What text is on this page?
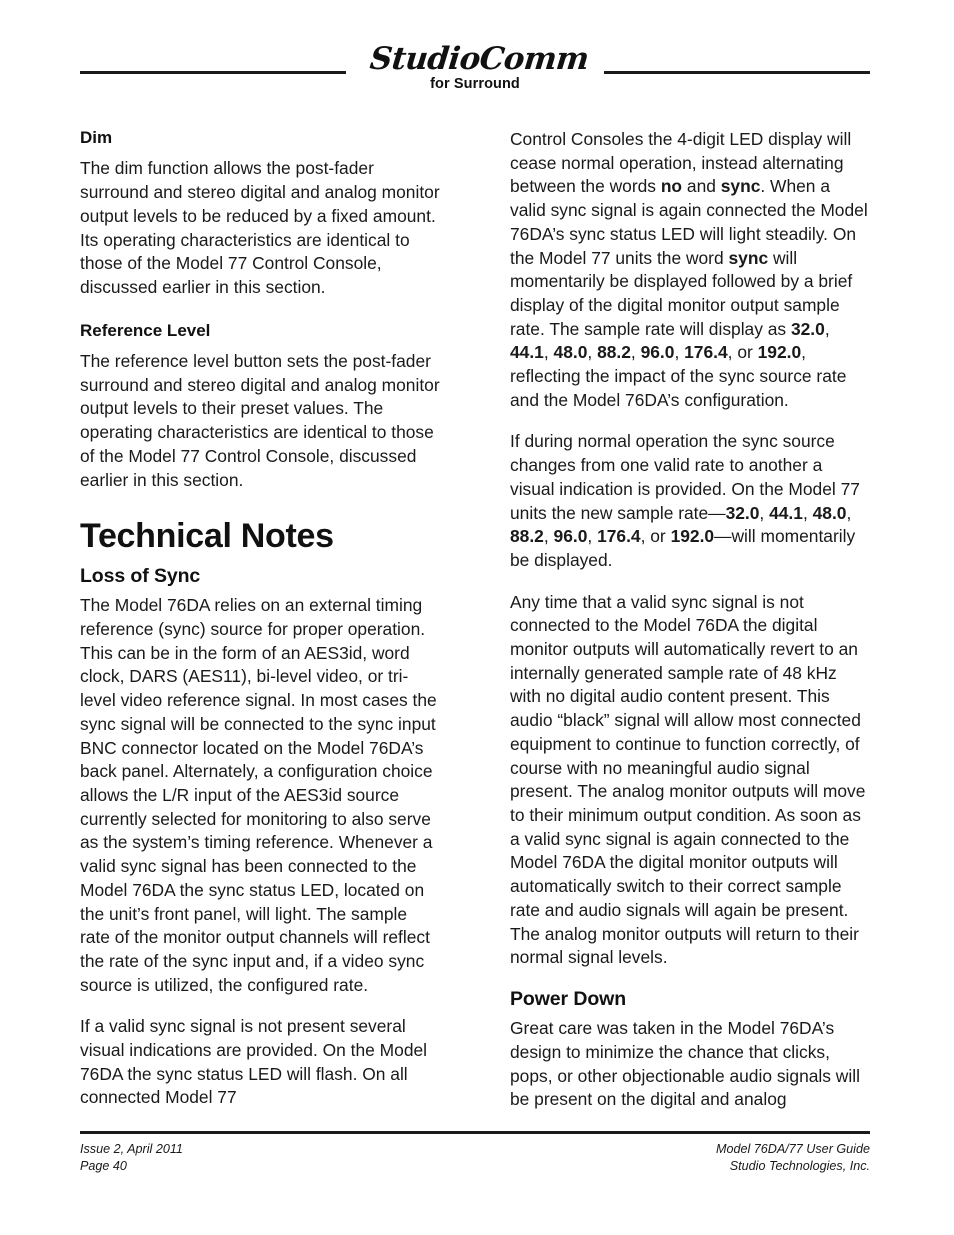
StudioComm
for Surround
Dim

The dim function allows the post-fader surround and stereo digital and analog monitor output levels to be reduced by a fixed amount. Its operating characteristics are identical to those of the Model 77 Control Console, discussed earlier in this section.

Reference Level

The reference level button sets the post-fader surround and stereo digital and analog monitor output levels to their preset values. The operating characteristics are identical to those of the Model 77 Control Console, discussed earlier in this section.

Technical Notes
Loss of Sync

The Model 76DA relies on an external timing reference (sync) source for proper operation. This can be in the form of an AES3id, word clock, DARS (AES11), bi-level video, or tri-level video reference signal. In most cases the sync signal will be connected to the sync input BNC connector located on the Model 76DA’s back panel. Alternately, a configuration choice allows the L/R input of the AES3id source currently selected for monitoring to also serve as the system’s timing reference. Whenever a valid sync signal has been connected to the Model 76DA the sync status LED, located on the unit’s front panel, will light. The sample rate of the monitor output channels will reflect the rate of the sync input and, if a video sync source is utilized, the configured rate.

If a valid sync signal is not present several visual indications are provided. On the Model 76DA the sync status LED will flash. On all connected Model 77

Control Consoles the 4-digit LED display will cease normal operation, instead alternating between the words no and sync. When a valid sync signal is again connected the Model 76DA’s sync status LED will light steadily. On the Model 77 units the word sync will momentarily be displayed followed by a brief display of the digital monitor output sample rate. The sample rate will display as 32.0, 44.1, 48.0, 88.2, 96.0, 176.4, or 192.0, reflecting the impact of the sync source rate and the Model 76DA’s configuration.

If during normal operation the sync source changes from one valid rate to another a visual indication is provided. On the Model 77 units the new sample rate—32.0, 44.1, 48.0, 88.2, 96.0, 176.4, or 192.0—will momentarily be displayed.

Any time that a valid sync signal is not connected to the Model 76DA the digital monitor outputs will automatically revert to an internally generated sample rate of 48 kHz with no digital audio content present. This audio “black” signal will allow most connected equipment to continue to function correctly, of course with no meaningful audio signal present. The analog monitor outputs will move to their minimum output condition. As soon as a valid sync signal is again connected to the Model 76DA the digital monitor outputs will automatically switch to their correct sample rate and audio signals will again be present. The analog monitor outputs will return to their normal signal levels.

Power Down

Great care was taken in the Model 76DA’s design to minimize the chance that clicks, pops, or other objectionable audio signals will be present on the digital and analog

Issue 2, April 2011
Page 40
Model 76DA/77 User Guide
Studio Technologies, Inc.
